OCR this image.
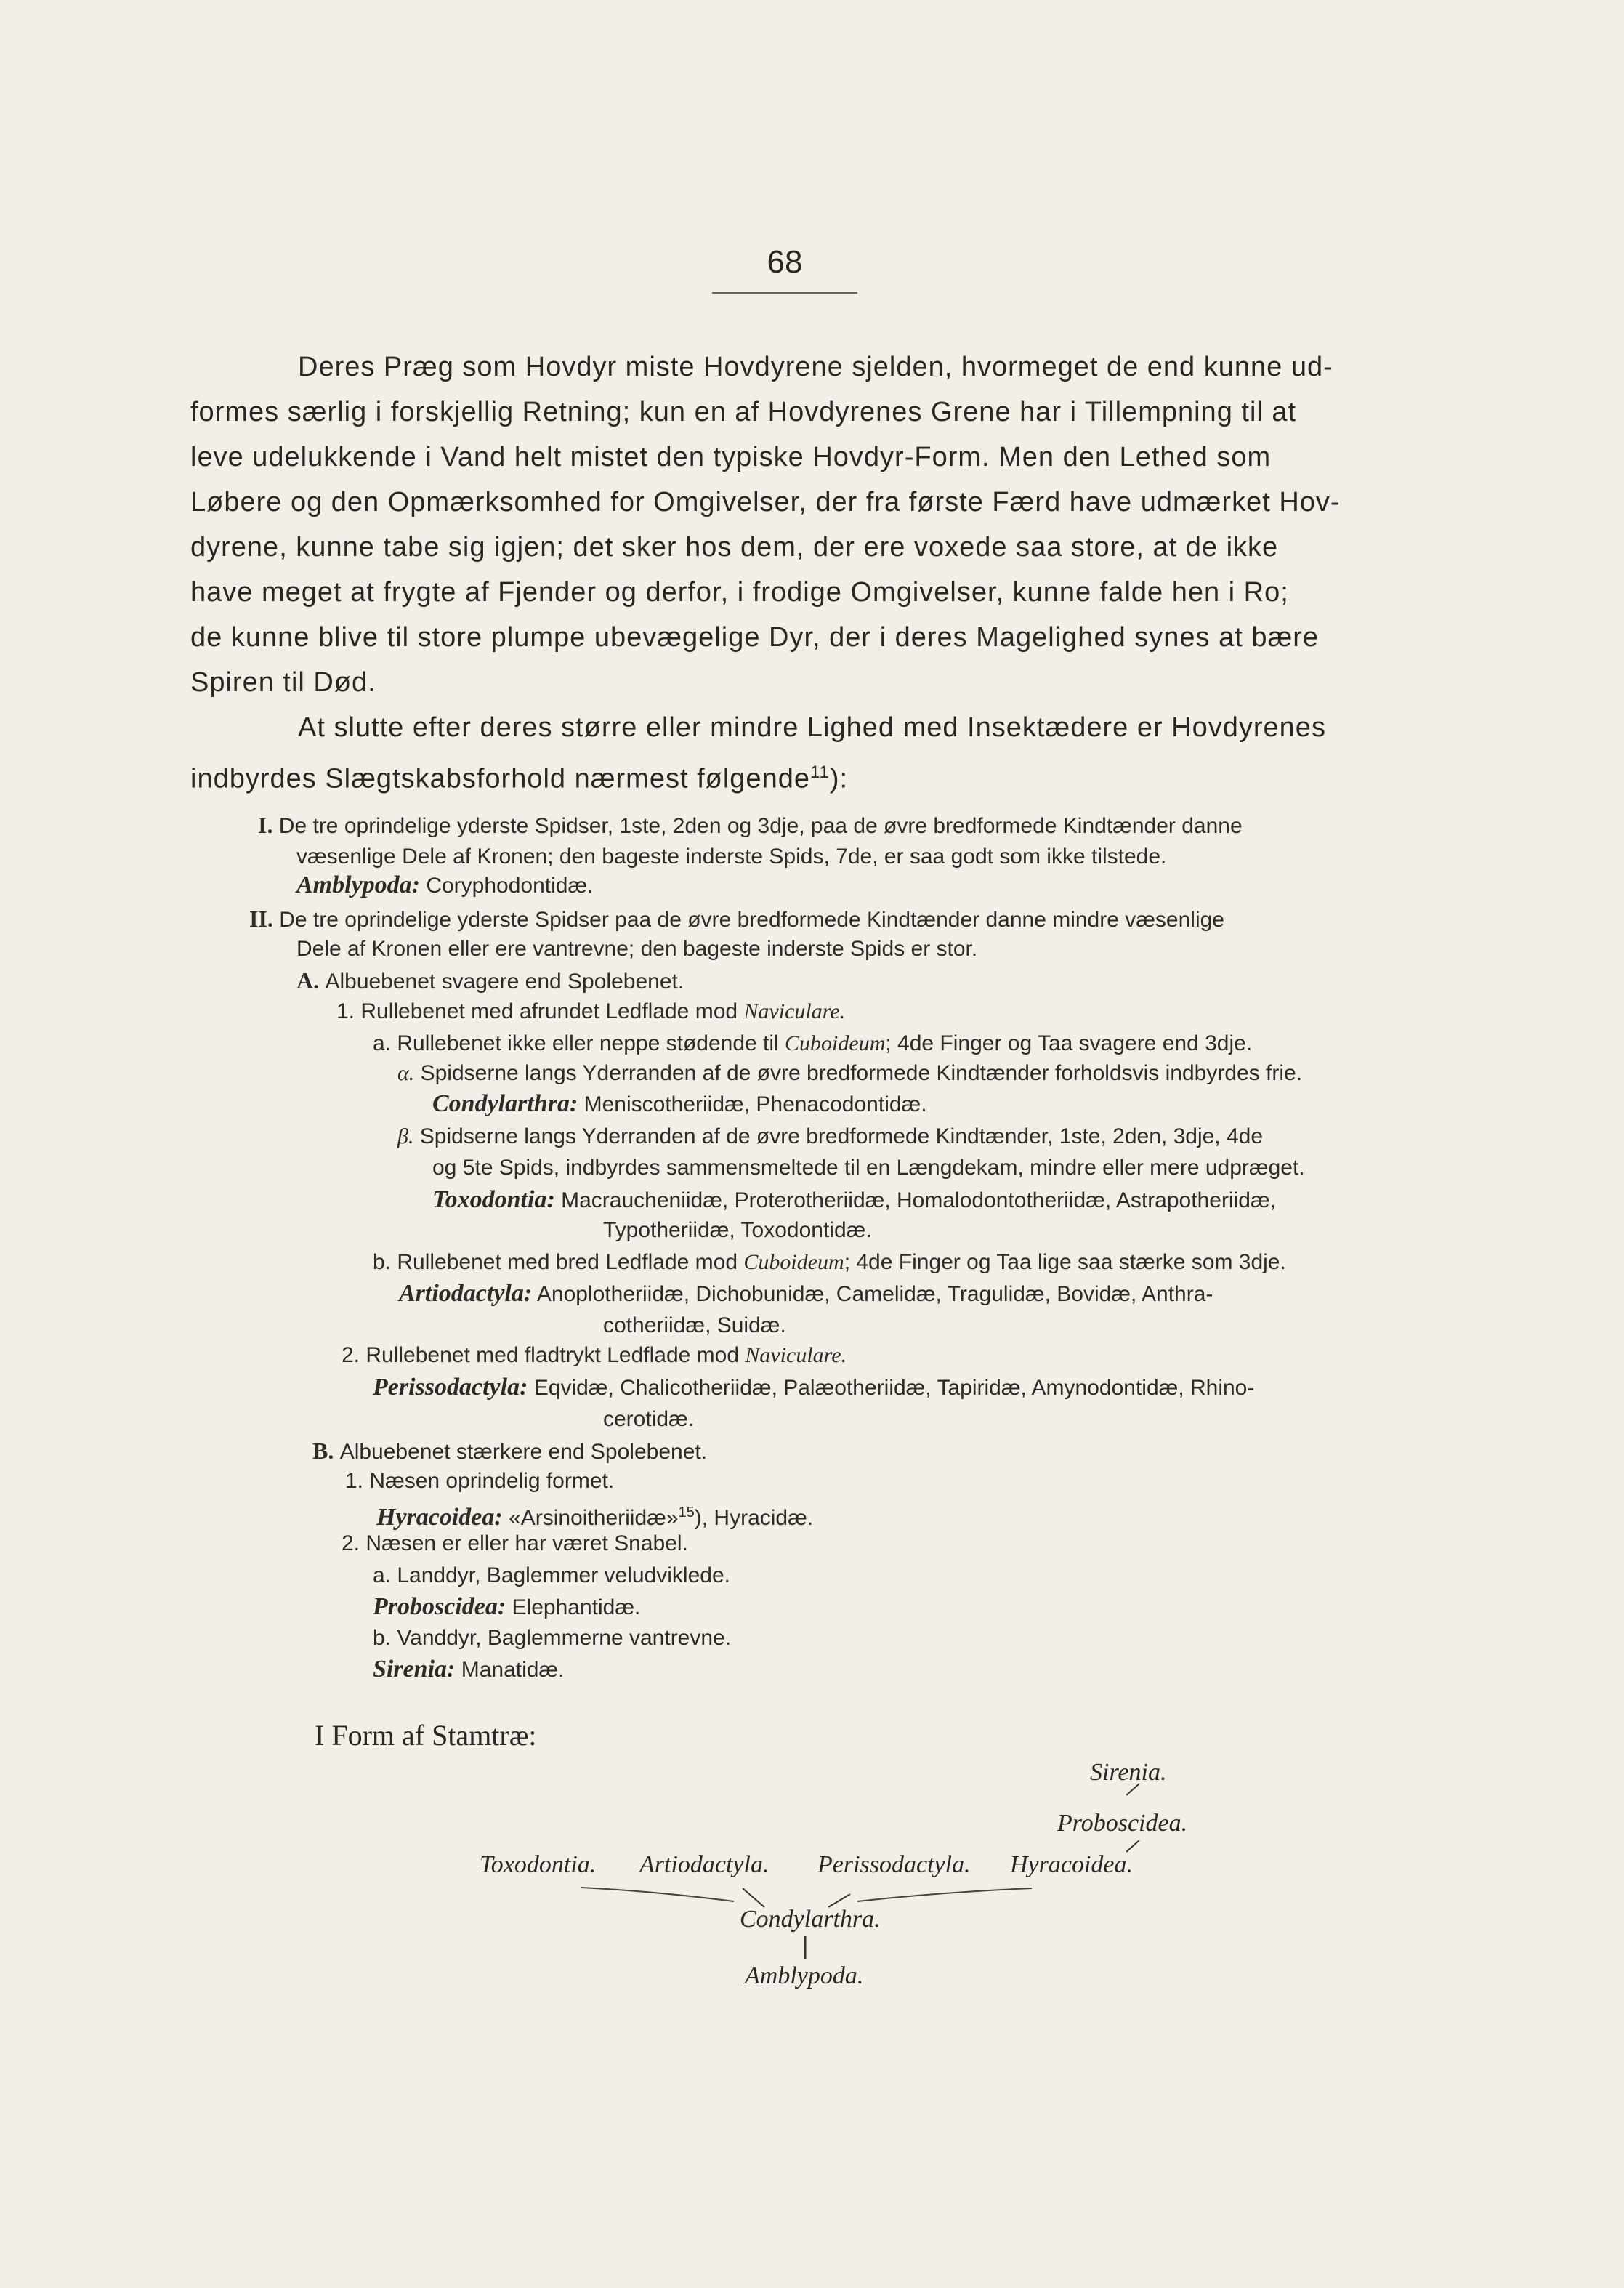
68
Deres Præg som Hovdyr miste Hovdyrene sjelden, hvormeget de end kunne ud-
formes særlig i forskjellig Retning; kun en af Hovdyrenes Grene har i Tillempning til at
leve udelukkende i Vand helt mistet den typiske Hovdyr-Form. Men den Lethed som
Løbere og den Opmærksomhed for Omgivelser, der fra første Færd have udmærket Hov-
dyrene, kunne tabe sig igjen; det sker hos dem, der ere voxede saa store, at de ikke
have meget at frygte af Fjender og derfor, i frodige Omgivelser, kunne falde hen i Ro;
de kunne blive til store plumpe ubevægelige Dyr, der i deres Magelighed synes at bære
Spiren til Død.
At slutte efter deres større eller mindre Lighed med Insektædere er Hovdyrenes
indbyrdes Slægtskabsforhold nærmest følgende$^{11}$):
I. De tre oprindelige yderste Spidser, 1ste, 2den og 3dje, paa de øvre bredformede Kindtænder danne
væsenlige Dele af Kronen; den bageste inderste Spids, 7de, er saa godt som ikke tilstede.
Amblypoda: Coryphodontidæ.
II. De tre oprindelige yderste Spidser paa de øvre bredformede Kindtænder danne mindre væsenlige
Dele af Kronen eller ere vantrevne; den bageste inderste Spids er stor.
A. Albuebenet svagere end Spolebenet.
1. Rullebenet med afrundet Ledflade mod Naviculare.
a. Rullebenet ikke eller neppe stødende til Cuboideum; 4de Finger og Taa svagere end 3dje.
α. Spidserne langs Yderranden af de øvre bredformede Kindtænder forholdsvis indbyrdes frie.
Condylarthra: Meniscotheriidæ, Phenacodontidæ.
β. Spidserne langs Yderranden af de øvre bredformede Kindtænder, 1ste, 2den, 3dje, 4de
og 5te Spids, indbyrdes sammensmeltede til en Længdekam, mindre eller mere udpræget.
Toxodontia: Macraucheniidæ, Proterotheriidæ, Homalodontotheriidæ, Astrapotheriidæ,
Typotheriidæ, Toxodontidæ.
b. Rullebenet med bred Ledflade mod Cuboideum; 4de Finger og Taa lige saa stærke som 3dje.
Artiodactyla: Anoplotheriidæ, Dichobunidæ, Camelidæ, Tragulidæ, Bovidæ, Anthra-
cotheriidæ, Suidæ.
2. Rullebenet med fladtrykt Ledflade mod Naviculare.
Perissodactyla: Eqvidæ, Chalicotheriidæ, Palæotheriidæ, Tapiridæ, Amynodontidæ, Rhino-
cerotidæ.
B. Albuebenet stærkere end Spolebenet.
1. Næsen oprindelig formet.
Hyracoidea: «Arsinoitheriidæ»$^{15}$), Hyracidæ.
2. Næsen er eller har været Snabel.
a. Landdyr, Baglemmer veludviklede.
Proboscidea: Elephantidæ.
b. Vanddyr, Baglemmerne vantrevne.
Sirenia: Manatidæ.
I Form af Stamtræ:
Sirenia.
Proboscidea.
Toxodontia. Artiodactyla. Perissodactyla. Hyracoidea.
Condylarthra.
Amblypoda.
